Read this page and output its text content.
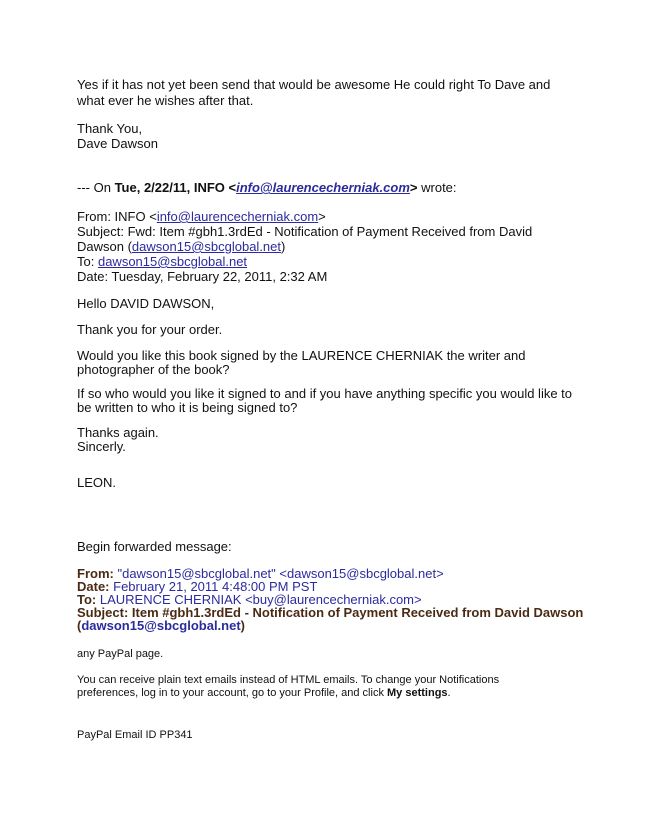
Yes if it has not yet been send that would be awesome He could right To Dave and
what ever he wishes after that.
Thank You,
Dave Dawson
--- On Tue, 2/22/11, INFO <info@laurencecherniak.com> wrote:
From: INFO <info@laurencecherniak.com>
Subject: Fwd: Item #gbh1.3rdEd - Notification of Payment Received from David
Dawson (dawson15@sbcglobal.net)
To: dawson15@sbcglobal.net
Date: Tuesday, February 22, 2011, 2:32 AM
Hello DAVID DAWSON,
Thank you for your order.
Would you like this book signed by the LAURENCE CHERNIAK the writer and
photographer of the book?
If so who would you like it signed to and if you have anything specific you would like to
be written to who it is being signed to?
Thanks again.
Sincerly.
LEON.
Begin forwarded message:
From: "dawson15@sbcglobal.net" <dawson15@sbcglobal.net>
Date: February 21, 2011 4:48:00 PM PST
To: LAURENCE CHERNIAK <buy@laurencecherniak.com>
Subject: Item #gbh1.3rdEd - Notification of Payment Received from David Dawson
(dawson15@sbcglobal.net)
any PayPal page.
You can receive plain text emails instead of HTML emails. To change your Notifications
preferences, log in to your account, go to your Profile, and click My settings.
PayPal Email ID PP341
